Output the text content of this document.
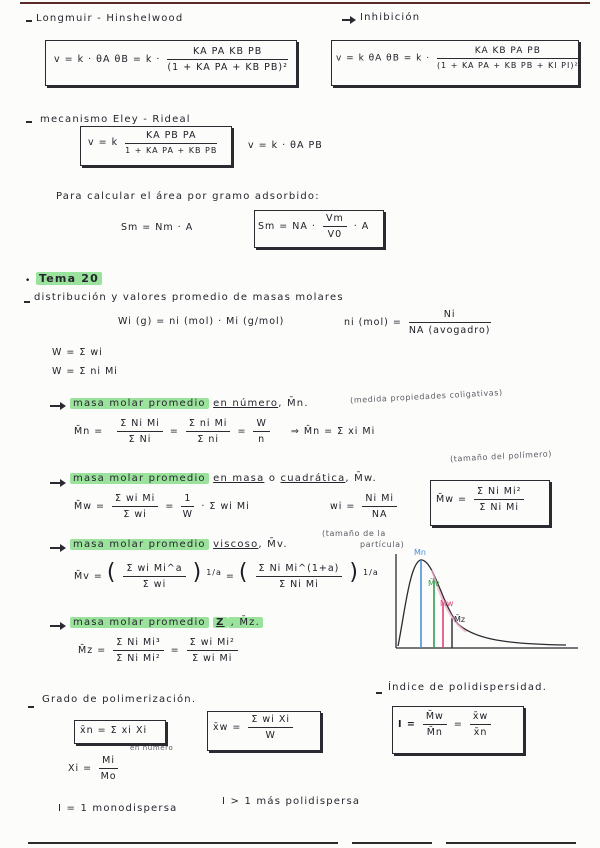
Longmuir - Hinshelwood	Inhibición
v = k · θA $\theta B = k \cdot \frac{\text{KA PA KB PB}}{\text{(1 + KA PA + KB PB)²}}$	v = k θA $\theta B = k \cdot \frac{\text{KA KB PA PB}}{\text{(1 + KA PA + KB PB + KI PI)²}}$
mecanismo Eley - Rideal
v = k $\frac{\text{KA PB PA}}{\text{1 + KA PA + KB PB}}$	v = k · θA PB
Para calcular el área por gramo adsorbido:
Sm = Nm · A	Sm = NA · $\frac{Vm}{V0} \cdot A$
• Tema 20
distribución y valores promedio de masas molares
Wi (g) = ni (mol) · Mi (g/mol)	ni $(mol) = \frac{Ni}{\text{NA (avogadro)}}$
W = Σ wi
W = Σ ni Mi
masa molar promedio en número, M̄n.	(medida propiedades coligativas)
M̄n = $\frac{\text{Σ Ni Mi}}{\text{Σ Ni}} = \frac{\text{Σ ni Mi}}{\text{Σ ni}} = \frac{W}{n}$ ⇒ M̄n = Σ xi Mi
(tamaño del polímero)
masa molar promedio en masa o cuadrática, M̄w.
M̄w = $\frac{\text{Σ wi Mi}}{\text{Σ wi}} = \frac{1}{W} \cdot \Sigma$ wi Mi	wi = $\frac{\text{Ni Mi}}{NA}$	M̄w = $\frac{\text{Σ Ni Mi²}}{\text{Σ Ni Mi}}$
masa molar promedio viscoso, M̄v.
(tamaño de la
partícula)
M̄v = ( $\frac{\text{Σ wi Mi\textasciicircum{}a}}{\text{Σ wi}}$ ) $^{1/a}$ = ( $\frac{\text{Σ Ni Mi\textasciicircum{}(1+a)}}{\text{Σ Ni Mi}}$ ) $^{1/a}$
M̄n
M̄v
M̄w
M̄z
masa molar promedio Z , M̄z.
M̄z = $\frac{\text{Σ Ni Mi³}}{\text{Σ Ni Mi²}} = \frac{\text{Σ wi Mi²}}{\text{Σ wi Mi}}$
Grado de polimerización.
x̄n = Σ xi Xi
en número
x̄w = $\frac{\text{Σ wi Xi}}{W}$
$Xi = \frac{Mi}{Mo}$
I = 1 monodispersa
I > 1 más polidispersa
Índice de polidispersidad.
$I = \frac{M̄w}{M̄n} = \frac{x̄w}{x̄n}$
